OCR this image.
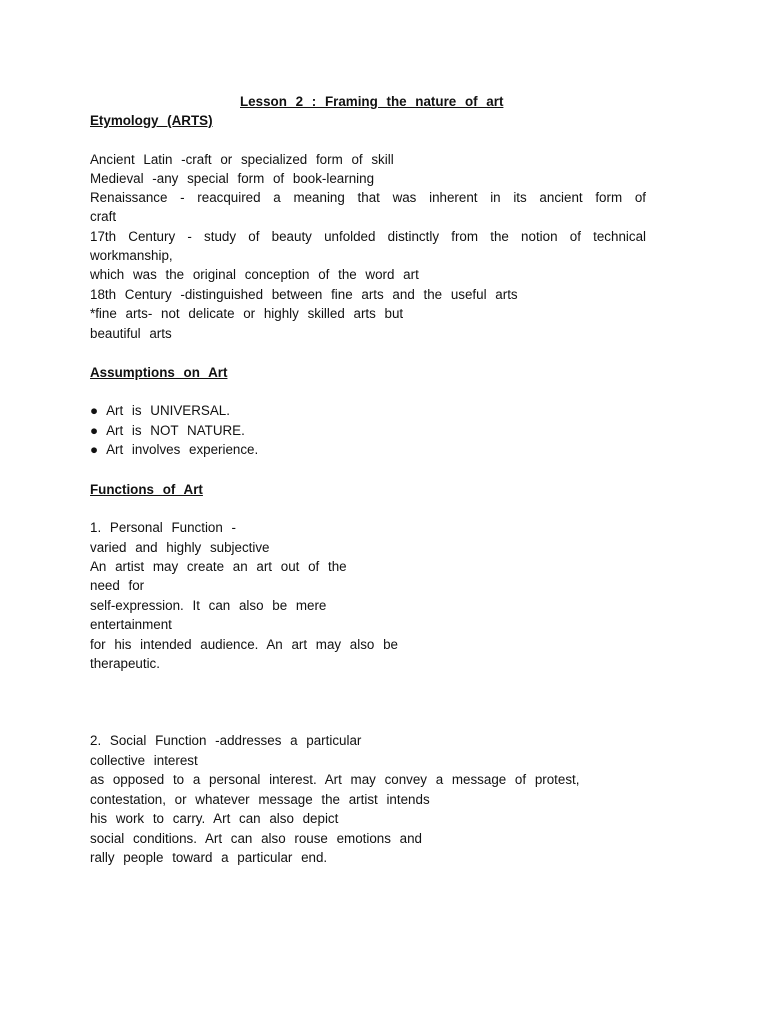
Lesson 2 : Framing the nature of art

Etymology (ARTS)

Ancient Latin -craft or specialized form of skill

Medieval -any special form of book-learning

Renaissance - reacquired a meaning that was inherent in its ancient form of

craft

17th Century - study of beauty unfolded distinctly from the notion of technical

workmanship,

which was the original conception of the word art

18th Century -distinguished between fine arts and the useful arts

*fine arts- not delicate or highly skilled arts but

beautiful arts

Assumptions on Art

● Art is UNIVERSAL.

● Art is NOT NATURE.

● Art involves experience.

Functions of Art

1. Personal Function -

varied and highly subjective

An artist may create an art out of the

need for

self-expression. It can also be mere

entertainment

for his intended audience. An art may also be

therapeutic.

2. Social Function -addresses a particular

collective interest

as opposed to a personal interest. Art may convey a message of protest,

contestation, or whatever message the artist intends

his work to carry. Art can also depict

social conditions. Art can also rouse emotions and

rally people toward a particular end.
